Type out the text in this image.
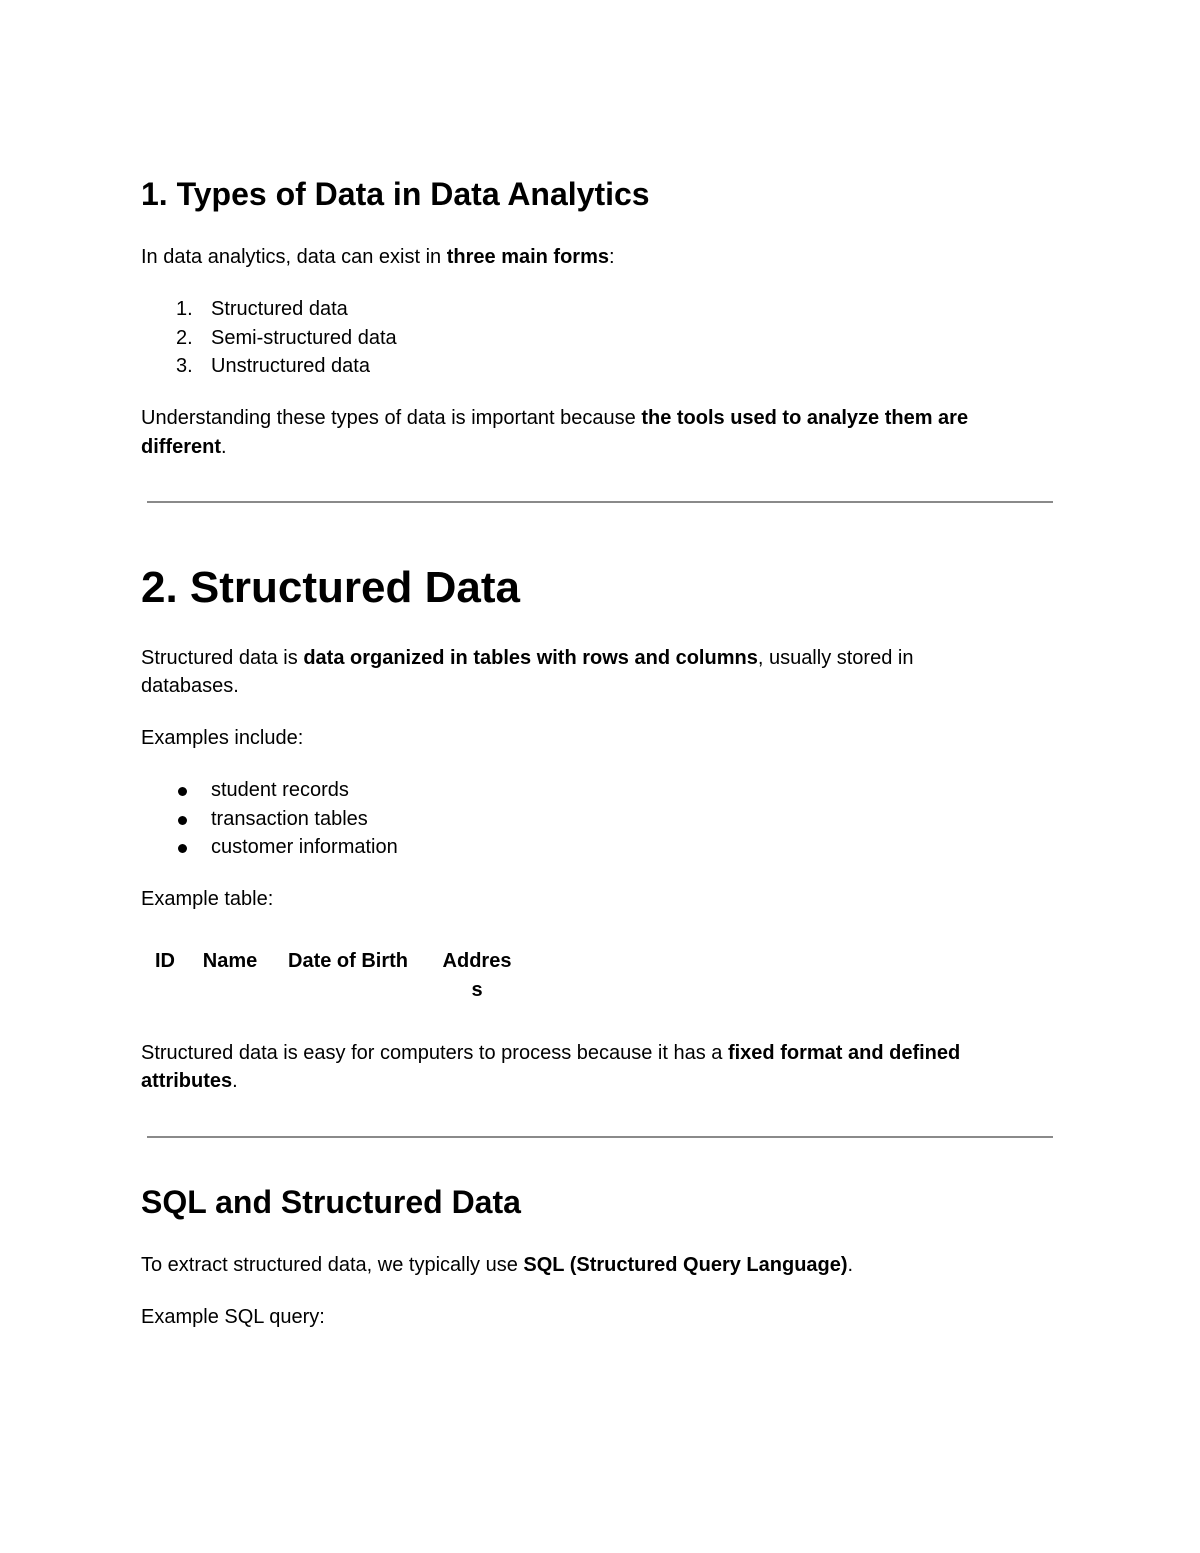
1. Types of Data in Data Analytics

In data analytics, data can exist in three main forms:

1. Structured data
2. Semi-structured data
3. Unstructured data

Understanding these types of data is important because the tools used to analyze them are

different.

2. Structured Data

Structured data is data organized in tables with rows and columns, usually stored in

databases.

Examples include:

student records
transaction tables
customer information

Example table:

ID	Name	Date of Birth	Addres
s

Structured data is easy for computers to process because it has a fixed format and defined

attributes.

SQL and Structured Data

To extract structured data, we typically use SQL (Structured Query Language).

Example SQL query:
